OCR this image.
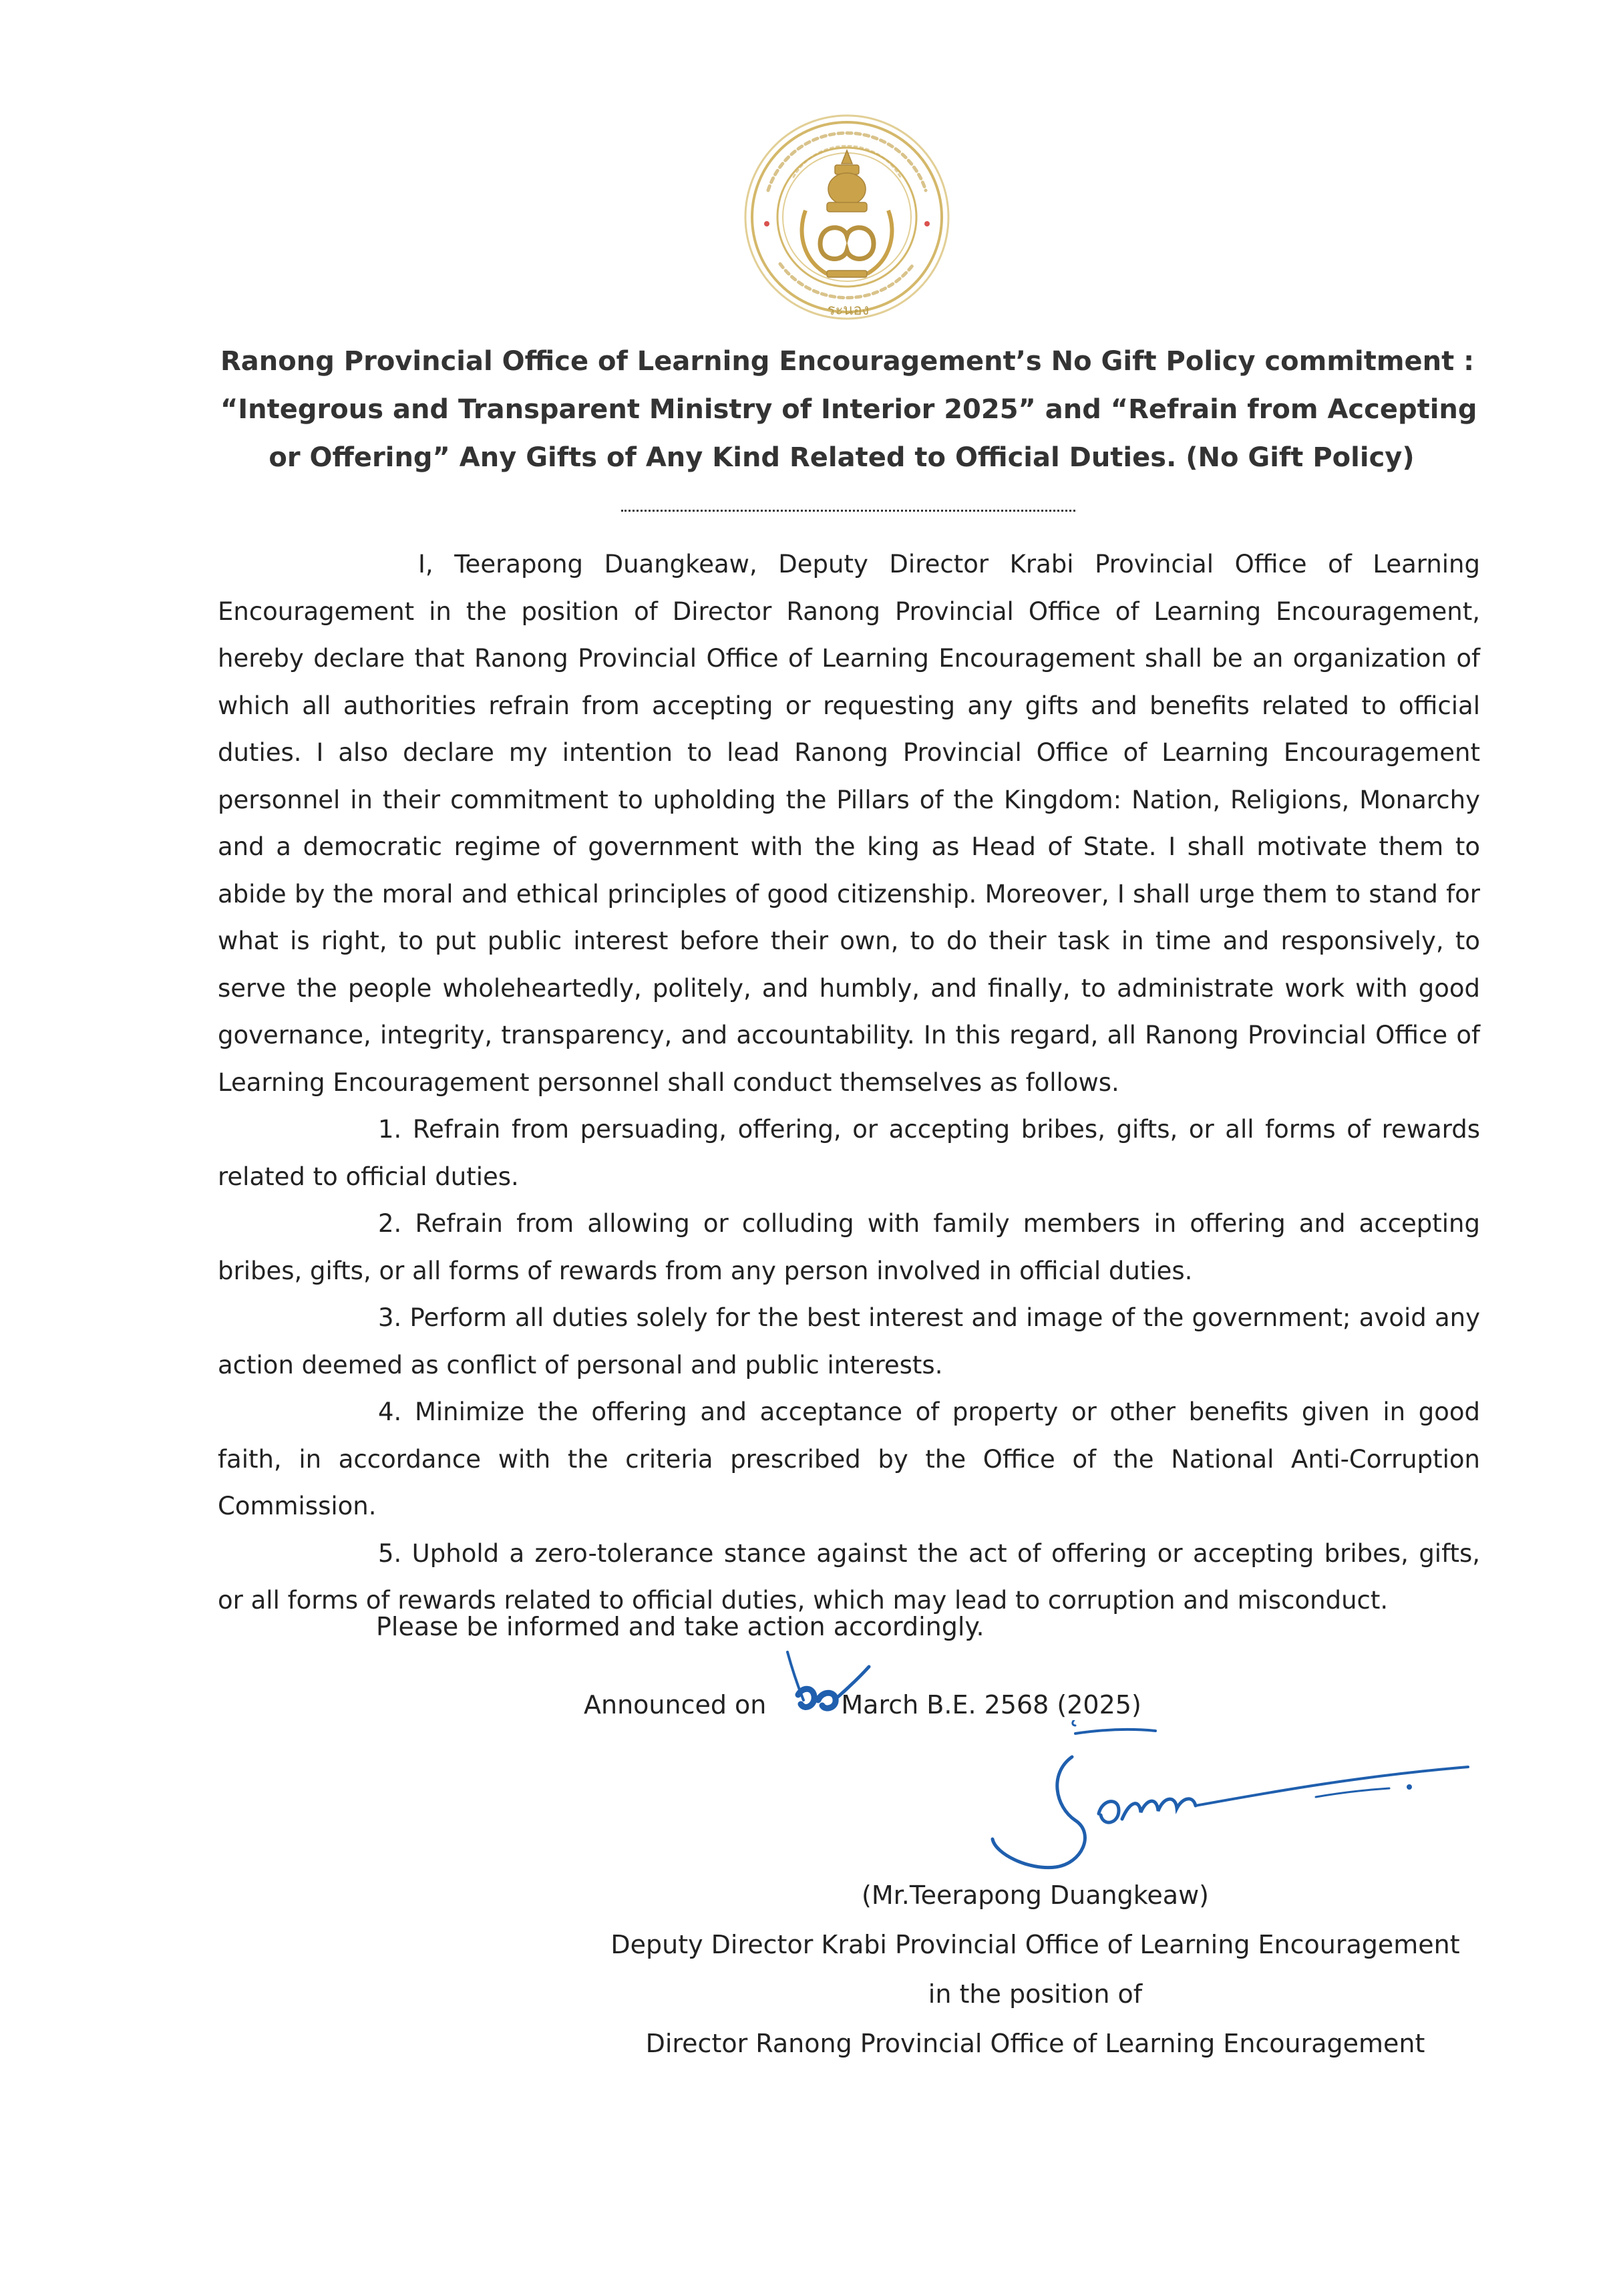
ระนอง
Ranong Provincial Office of Learning Encouragement’s No Gift Policy commitment :
“Integrous and Transparent Ministry of Interior 2025” and “Refrain from Accepting
or Offering” Any Gifts of Any Kind Related to Official Duties. (No Gift Policy)

I, Teerapong Duangkeaw, Deputy Director Krabi Provincial Office of Learning Encouragement in the position of Director Ranong Provincial Office of Learning Encouragement, hereby declare that Ranong Provincial Office of Learning Encouragement shall be an organization of which all authorities refrain from accepting or requesting any gifts and benefits related to official duties. I also declare my intention to lead Ranong Provincial Office of Learning Encouragement personnel in their commitment to upholding the Pillars of the Kingdom: Nation, Religions, Monarchy and a democratic regime of government with the king as Head of State. I shall motivate them to abide by the moral and ethical principles of good citizenship. Moreover, I shall urge them to stand for what is right, to put public interest before their own, to do their task in time and responsively, to serve the people wholeheartedly, politely, and humbly, and finally, to administrate work with good governance, integrity, transparency, and accountability. In this regard, all Ranong Provincial Office of Learning Encouragement personnel shall conduct themselves as follows.

1. Refrain from persuading, offering, or accepting bribes, gifts, or all forms of rewards related to official duties.

2. Refrain from allowing or colluding with family members in offering and accepting bribes, gifts, or all forms of rewards from any person involved in official duties.

3. Perform all duties solely for the best interest and image of the government; avoid any action deemed as conflict of personal and public interests.

4. Minimize the offering and acceptance of property or other benefits given in good faith, in accordance with the criteria prescribed by the Office of the National Anti-Corruption Commission.

5. Uphold a zero-tolerance stance against the act of offering or accepting bribes, gifts, or all forms of rewards related to official duties, which may lead to corruption and misconduct.

Please be informed and take action accordingly.
Announced on	March B.E. 2568 (2025)
(Mr.Teerapong Duangkeaw)
Deputy Director Krabi Provincial Office of Learning Encouragement
in the position of
Director Ranong Provincial Office of Learning Encouragement
